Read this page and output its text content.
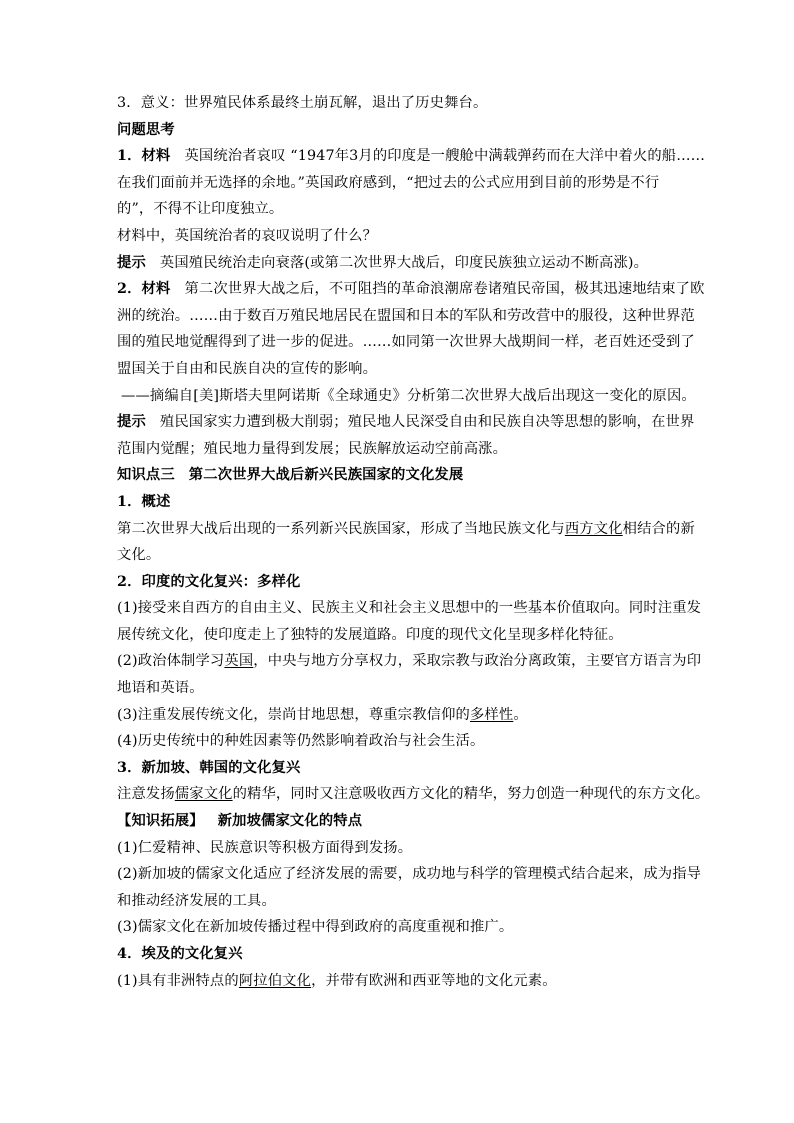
3．意义：世界殖民体系最终土崩瓦解，退出了历史舞台。
问题思考
1．材料 英国统治者哀叹 “1947年3月的印度是一艘舱中满载弹药而在大洋中着火的船……
在我们面前并无选择的余地。”英国政府感到，“把过去的公式应用到目前的形势是不行
的”，不得不让印度独立。
材料中，英国统治者的哀叹说明了什么？
提示 英国殖民统治走向衰落(或第二次世界大战后，印度民族独立运动不断高涨)。
2．材料 第二次世界大战之后，不可阻挡的革命浪潮席卷诸殖民帝国，极其迅速地结束了欧
洲的统治。……由于数百万殖民地居民在盟国和日本的军队和劳改营中的服役，这种世界范
围的殖民地觉醒得到了进一步的促进。……如同第一次世界大战期间一样，老百姓还受到了
盟国关于自由和民族自决的宣传的影响。
——摘编自[美]斯塔夫里阿诺斯《全球通史》分析第二次世界大战后出现这一变化的原因。
提示 殖民国家实力遭到极大削弱；殖民地人民深受自由和民族自决等思想的影响，在世界
范围内觉醒；殖民地力量得到发展；民族解放运动空前高涨。
知识点三 第二次世界大战后新兴民族国家的文化发展
1．概述
第二次世界大战后出现的一系列新兴民族国家，形成了当地民族文化与西方文化相结合的新
文化。
2．印度的文化复兴：多样化
(1)接受来自西方的自由主义、民族主义和社会主义思想中的一些基本价值取向。同时注重发
展传统文化，使印度走上了独特的发展道路。印度的现代文化呈现多样化特征。
(2)政治体制学习英国，中央与地方分享权力，采取宗教与政治分离政策，主要官方语言为印
地语和英语。
(3)注重发展传统文化，崇尚甘地思想，尊重宗教信仰的多样性。
(4)历史传统中的种姓因素等仍然影响着政治与社会生活。
3．新加坡、韩国的文化复兴
注意发扬儒家文化的精华，同时又注意吸收西方文化的精华，努力创造一种现代的东方文化。
【知识拓展】 新加坡儒家文化的特点
(1)仁爱精神、民族意识等积极方面得到发扬。
(2)新加坡的儒家文化适应了经济发展的需要，成功地与科学的管理模式结合起来，成为指导
和推动经济发展的工具。
(3)儒家文化在新加坡传播过程中得到政府的高度重视和推广。
4．埃及的文化复兴
(1)具有非洲特点的阿拉伯文化，并带有欧洲和西亚等地的文化元素。
